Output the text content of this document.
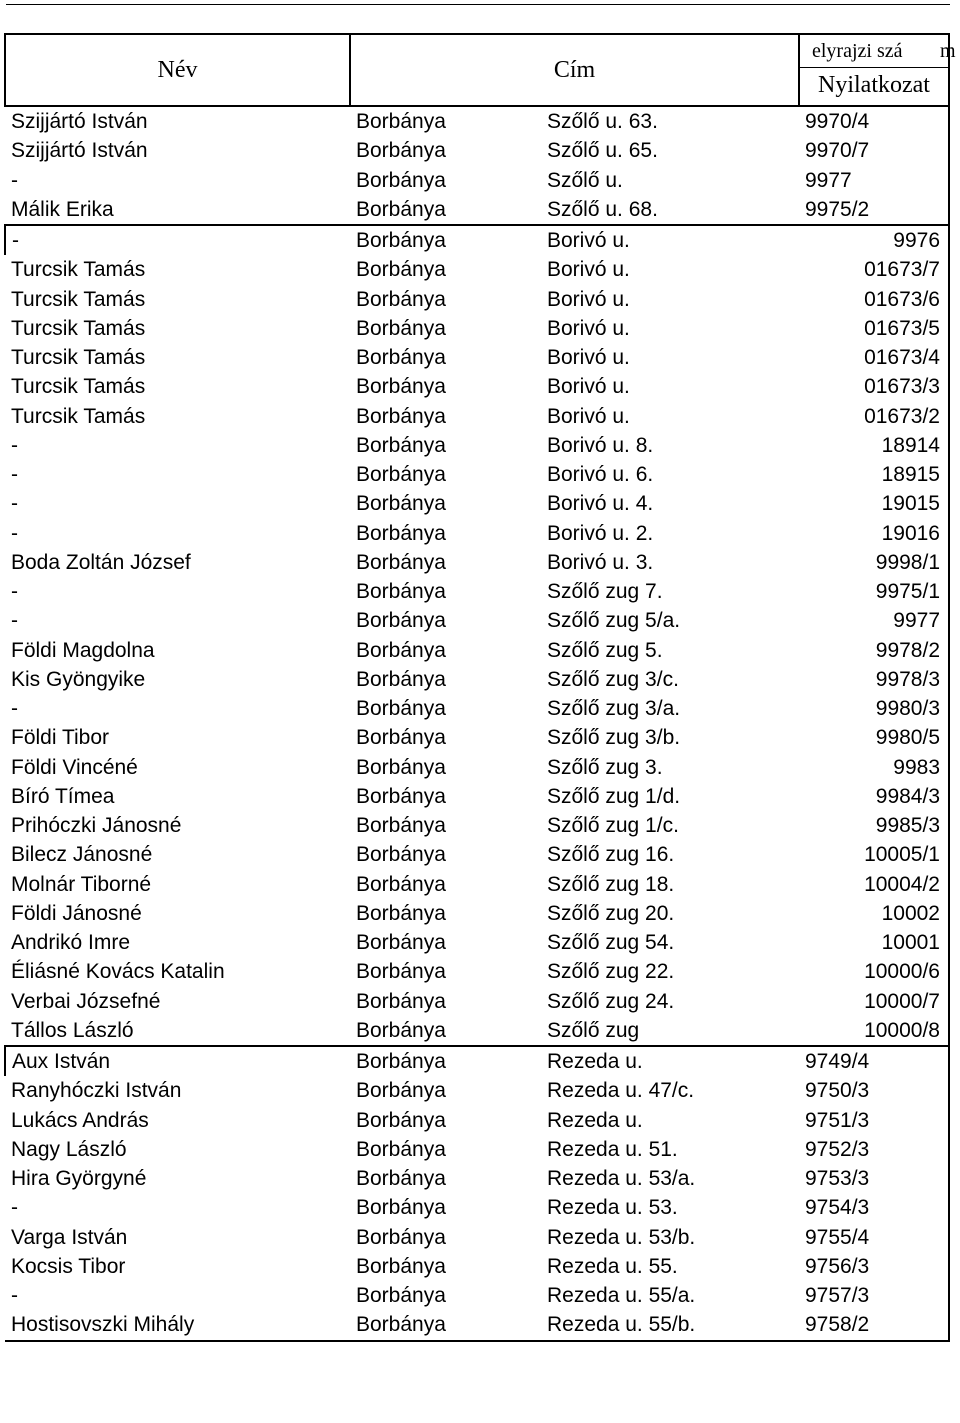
Név	Cím		elyrajzi szá m
Nyilatkozat

Szijjártó István	Borbánya	Szőlő u. 63.	9970/4
Szijjártó István	Borbánya	Szőlő u. 65.	9970/7
-	Borbánya	Szőlő u.	9977
Málik Erika	Borbánya	Szőlő u. 68.	9975/2
-	Borbánya	Borivó u.	9976
Turcsik Tamás	Borbánya	Borivó u.	01673/7
Turcsik Tamás	Borbánya	Borivó u.	01673/6
Turcsik Tamás	Borbánya	Borivó u.	01673/5
Turcsik Tamás	Borbánya	Borivó u.	01673/4
Turcsik Tamás	Borbánya	Borivó u.	01673/3
Turcsik Tamás	Borbánya	Borivó u.	01673/2
-	Borbánya	Borivó u. 8.	18914
-	Borbánya	Borivó u. 6.	18915
-	Borbánya	Borivó u. 4.	19015
-	Borbánya	Borivó u. 2.	19016
Boda Zoltán József	Borbánya	Borivó u. 3.	9998/1
-	Borbánya	Szőlő zug 7.	9975/1
-	Borbánya	Szőlő zug 5/a.	9977
Földi Magdolna	Borbánya	Szőlő zug 5.	9978/2
Kis Gyöngyike	Borbánya	Szőlő zug 3/c.	9978/3
-	Borbánya	Szőlő zug 3/a.	9980/3
Földi Tibor	Borbánya	Szőlő zug 3/b.	9980/5
Földi Vincéné	Borbánya	Szőlő zug 3.	9983
Bíró Tímea	Borbánya	Szőlő zug 1/d.	9984/3
Prihóczki Jánosné	Borbánya	Szőlő zug 1/c.	9985/3
Bilecz Jánosné	Borbánya	Szőlő zug 16.	10005/1
Molnár Tiborné	Borbánya	Szőlő zug 18.	10004/2
Földi Jánosné	Borbánya	Szőlő zug 20.	10002
Andrikó Imre	Borbánya	Szőlő zug 54.	10001
Éliásné Kovács Katalin	Borbánya	Szőlő zug 22.	10000/6
Verbai Józsefné	Borbánya	Szőlő zug 24.	10000/7
Tállos László	Borbánya	Szőlő zug	10000/8
Aux István	Borbánya	Rezeda u.	9749/4
Ranyhóczki István	Borbánya	Rezeda u. 47/c.	9750/3
Lukács András	Borbánya	Rezeda u.	9751/3
Nagy László	Borbánya	Rezeda u. 51.	9752/3
Hira Györgyné	Borbánya	Rezeda u. 53/a.	9753/3
-	Borbánya	Rezeda u. 53.	9754/3
Varga István	Borbánya	Rezeda u. 53/b.	9755/4
Kocsis Tibor	Borbánya	Rezeda u. 55.	9756/3
-	Borbánya	Rezeda u. 55/a.	9757/3
Hostisovszki Mihály	Borbánya	Rezeda u. 55/b.	9758/2
